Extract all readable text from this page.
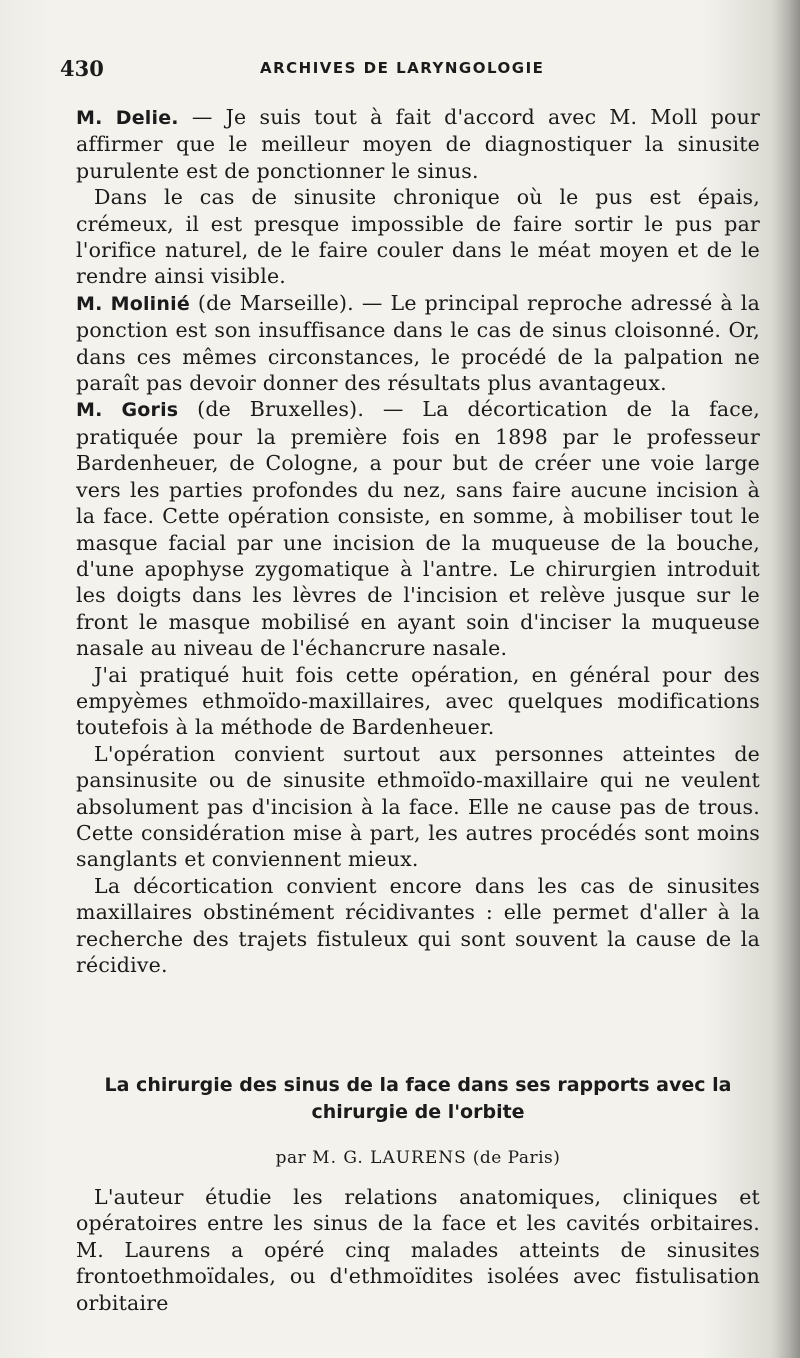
430	ARCHIVES DE LARYNGOLOGIE

M. Delie. — Je suis tout à fait d'accord avec M. Moll pour affirmer que le meilleur moyen de diagnostiquer la sinusite purulente est de ponctionner le sinus.

Dans le cas de sinusite chronique où le pus est épais, crémeux, il est presque impossible de faire sortir le pus par l'orifice naturel, de le faire couler dans le méat moyen et de le rendre ainsi visible.

M. Molinié (de Marseille). — Le principal reproche adressé à la ponction est son insuffisance dans le cas de sinus cloisonné. Or, dans ces mêmes circonstances, le procédé de la palpation ne paraît pas devoir donner des résultats plus avantageux.

M. Goris (de Bruxelles). — La décortication de la face, pratiquée pour la première fois en 1898 par le professeur Bardenheuer, de Cologne, a pour but de créer une voie large vers les parties profondes du nez, sans faire aucune incision à la face. Cette opération consiste, en somme, à mobiliser tout le masque facial par une incision de la muqueuse de la bouche, d'une apophyse zygomatique à l'antre. Le chirurgien introduit les doigts dans les lèvres de l'incision et relève jusque sur le front le masque mobilisé en ayant soin d'inciser la muqueuse nasale au niveau de l'échancrure nasale.

J'ai pratiqué huit fois cette opération, en général pour des empyèmes ethmoïdo-maxillaires, avec quelques modifications toutefois à la méthode de Bardenheuer.

L'opération convient surtout aux personnes atteintes de pansinusite ou de sinusite ethmoïdo-maxillaire qui ne veulent absolument pas d'incision à la face. Elle ne cause pas de trous. Cette considération mise à part, les autres procédés sont moins sanglants et conviennent mieux.

La décortication convient encore dans les cas de sinusites maxillaires obstinément récidivantes : elle permet d'aller à la recherche des trajets fistuleux qui sont souvent la cause de la récidive.

La chirurgie des sinus de la face dans ses rapports avec la chirurgie de l'orbite
par M. G. LAURENS (de Paris)

L'auteur étudie les relations anatomiques, cliniques et opératoires entre les sinus de la face et les cavités orbitaires. M. Laurens a opéré cinq malades atteints de sinusites frontoethmoïdales, ou d'ethmoïdites isolées avec fistulisation orbitaire
